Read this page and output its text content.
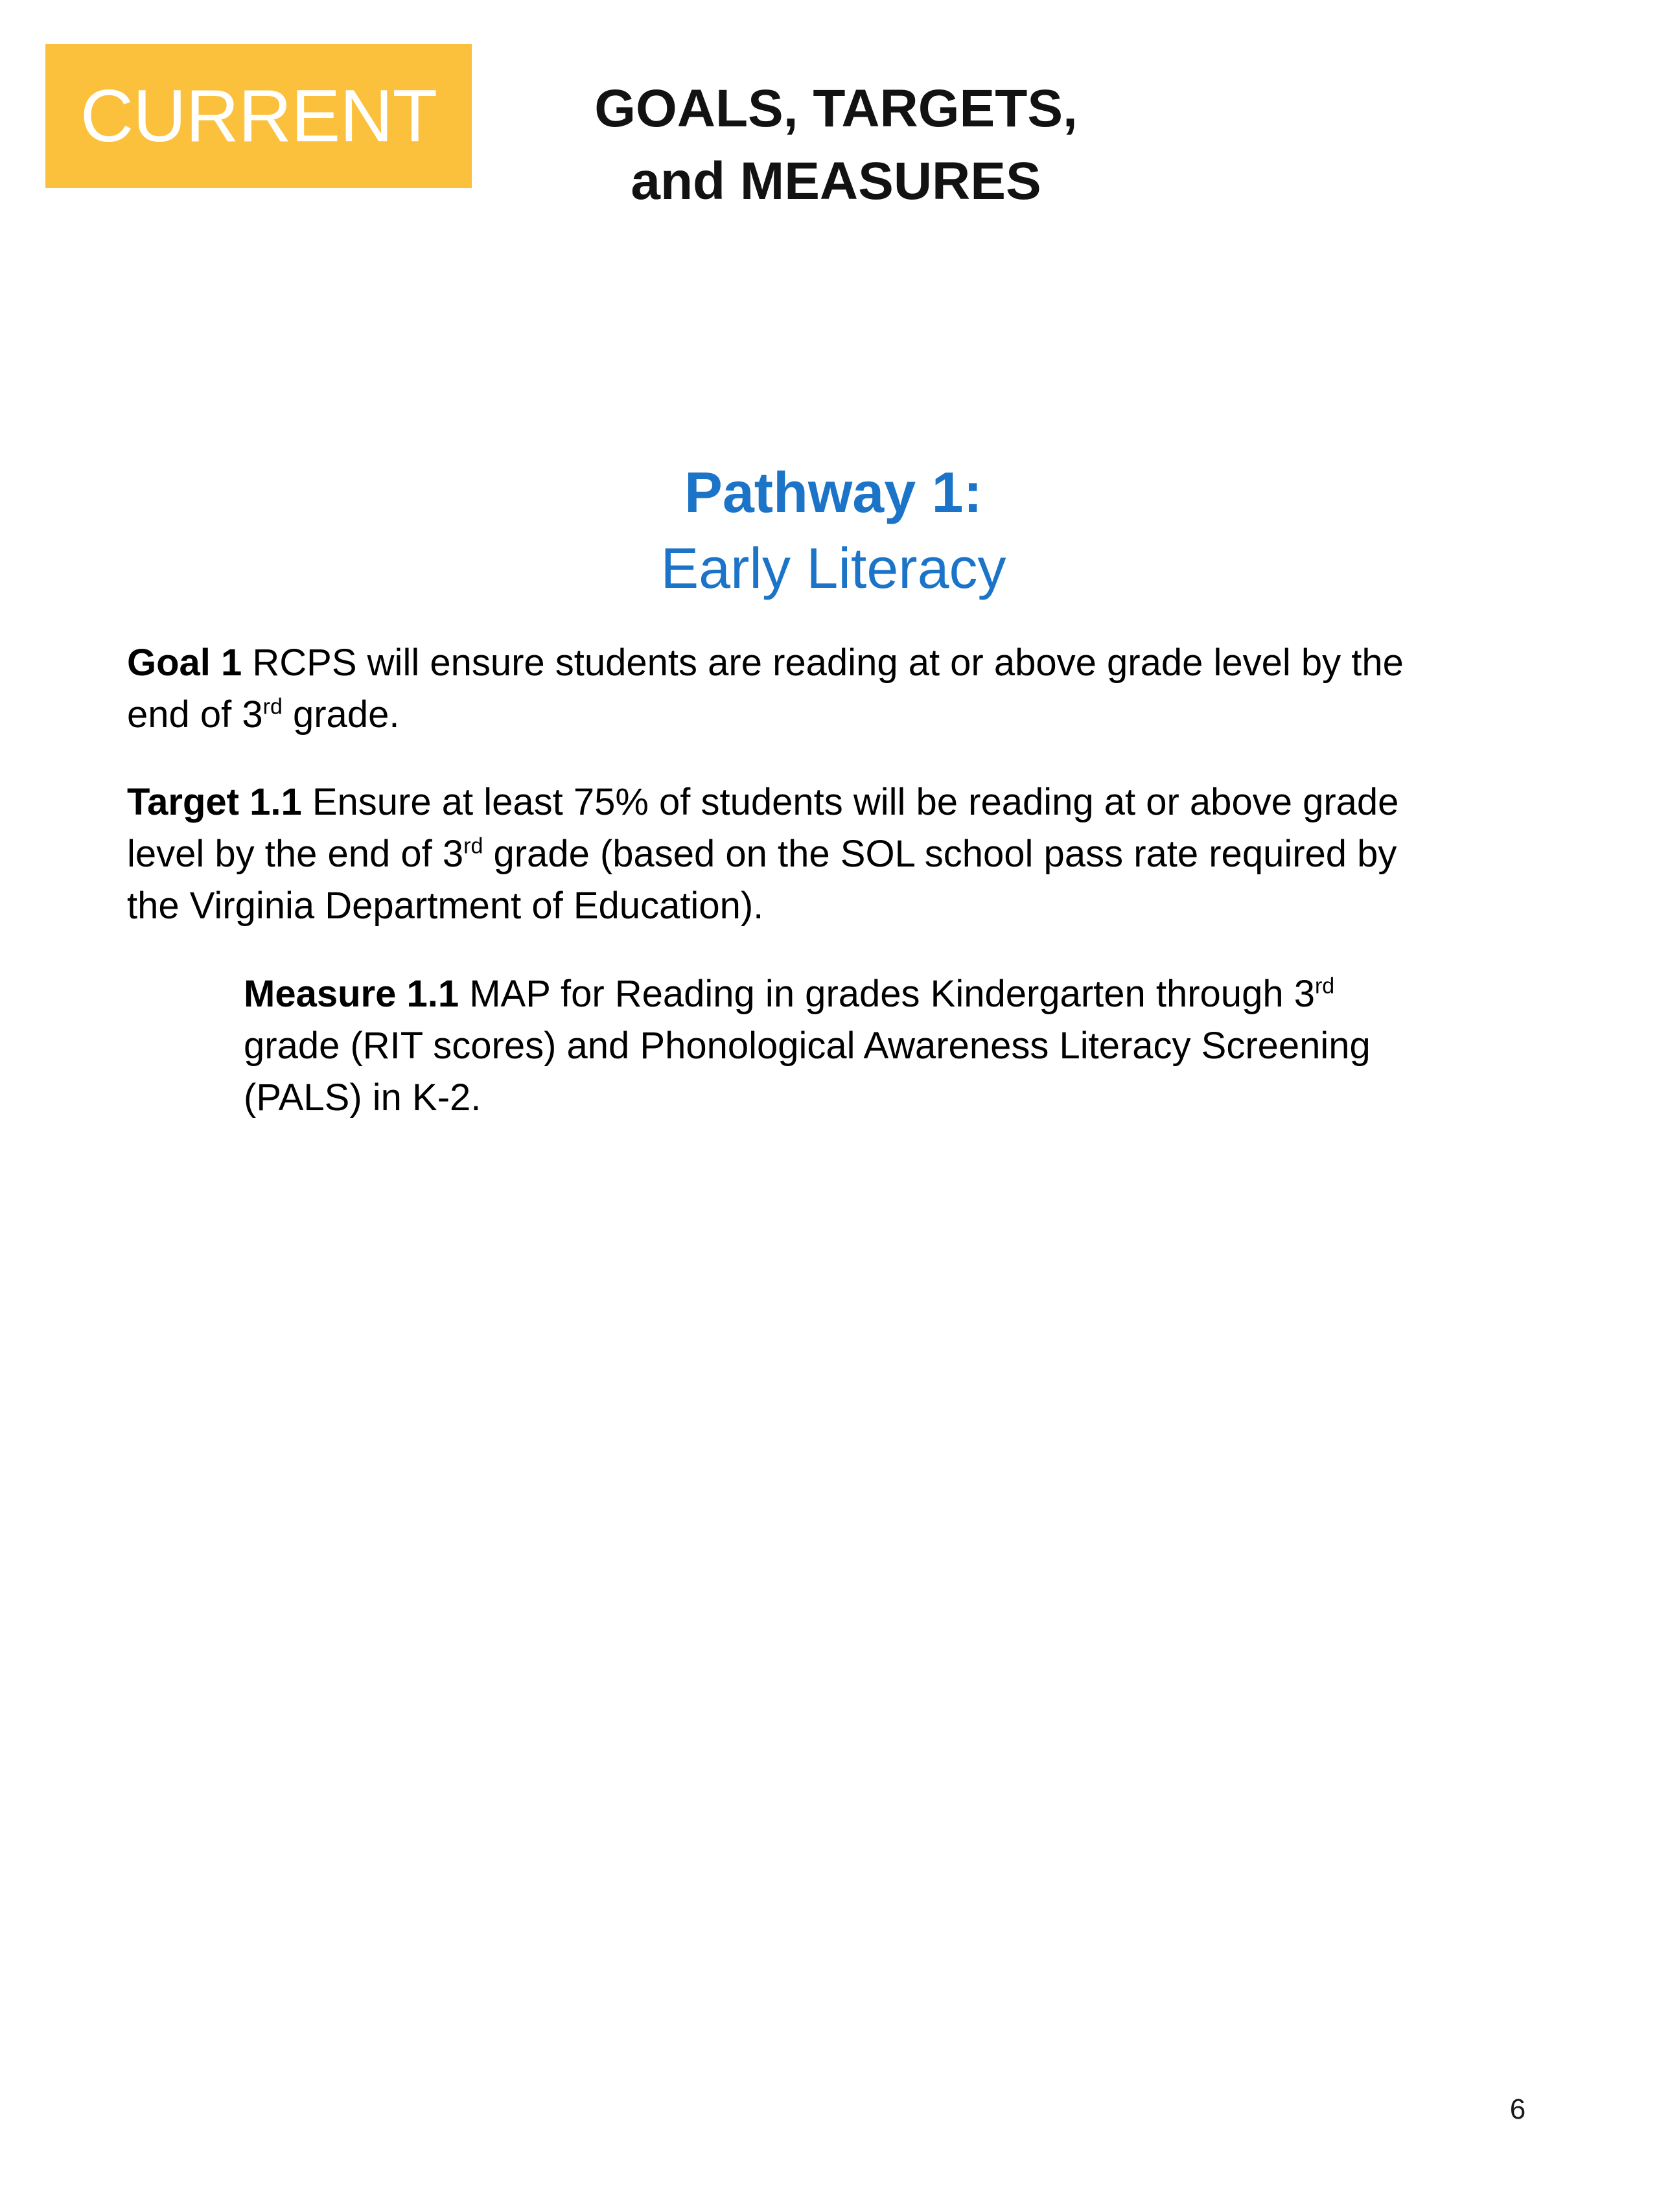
CURRENT	GOALS, TARGETS,
and MEASURES
Pathway 1:
Early Literacy
Goal 1 RCPS will ensure students are reading at or above grade level by the
end of 3rd grade.
Target 1.1 Ensure at least 75% of students will be reading at or above grade
level by the end of 3rd grade (based on the SOL school pass rate required by
the Virginia Department of Education).
Measure 1.1 MAP for Reading in grades Kindergarten through 3rd
grade (RIT scores) and Phonological Awareness Literacy Screening
(PALS) in K-2.
6
